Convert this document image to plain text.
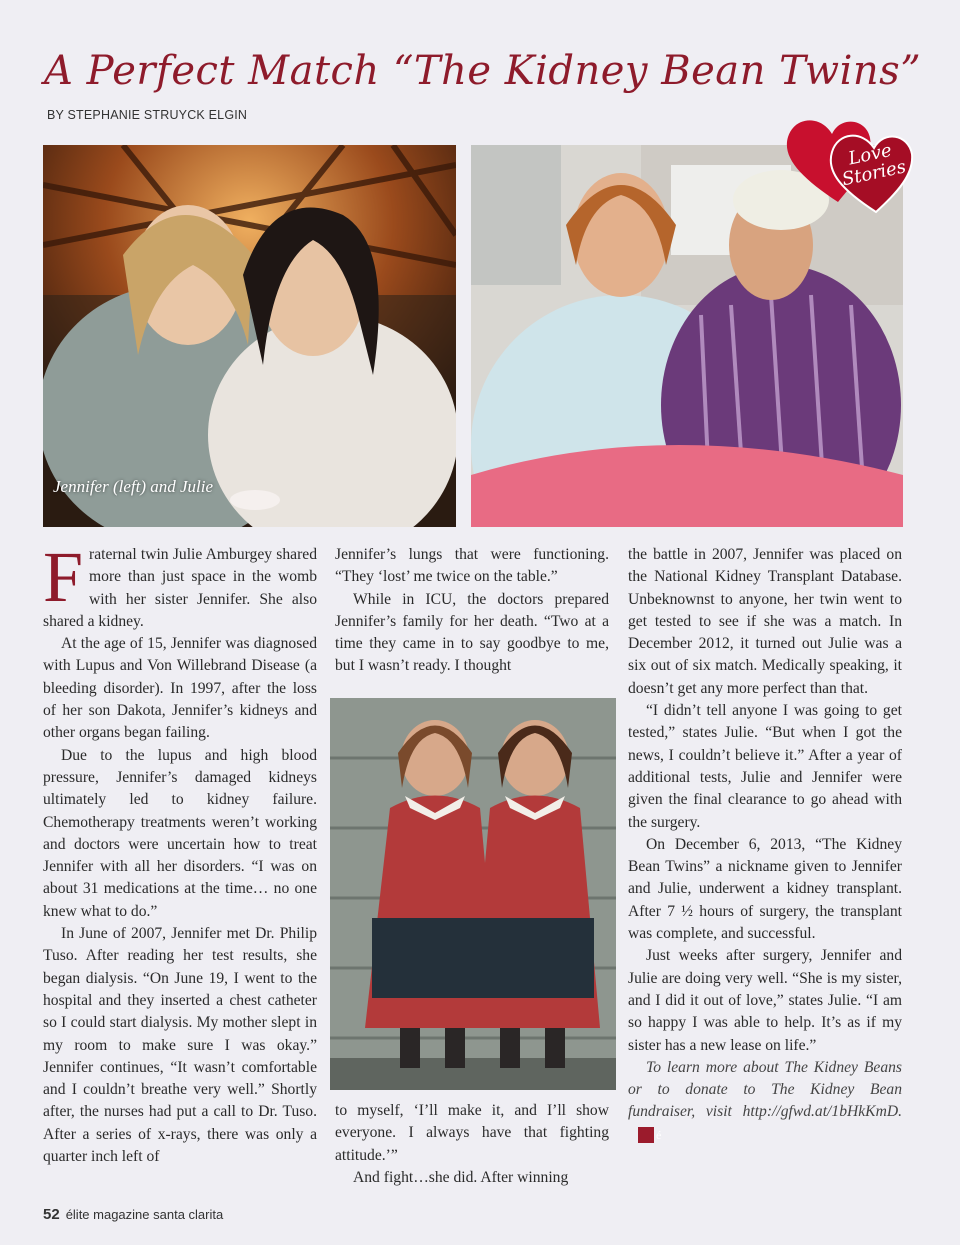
A Perfect Match “The Kidney Bean Twins”
BY STEPHANIE STRUYCK ELGIN
Jennifer (left) and Julie
Love Stories

Fraternal twin Julie Amburgey shared more than just space in the womb with her sister Jennifer. She also shared a kidney.

At the age of 15, Jennifer was diagnosed with Lupus and Von Willebrand Disease (a bleeding disorder). In 1997, after the loss of her son Dakota, Jennifer’s kidneys and other organs began failing.

Due to the lupus and high blood pressure, Jennifer’s damaged kidneys ultimately led to kidney failure. Chemotherapy treatments weren’t working and doctors were uncertain how to treat Jennifer with all her disorders. “I was on about 31 medications at the time… no one knew what to do.”

In June of 2007, Jennifer met Dr. Philip Tuso. After reading her test results, she began dialysis. “On June 19, I went to the hospital and they inserted a chest catheter so I could start dialysis. My mother slept in my room to make sure I was okay.” Jennifer continues, “It wasn’t comfortable and I couldn’t breathe very well.” Shortly after, the nurses had put a call to Dr. Tuso. After a series of x-rays, there was only a quarter inch left of

Jennifer’s lungs that were functioning. “They ‘lost’ me twice on the table.”

While in ICU, the doctors prepared Jennifer’s family for her death. “Two at a time they came in to say goodbye to me, but I wasn’t ready. I thought

to myself, ‘I’ll make it, and I’ll show everyone. I always have that fighting attitude.’”

And fight…she did. After winning

the battle in 2007, Jennifer was placed on the National Kidney Transplant Database. Unbeknownst to anyone, her twin went to get tested to see if she was a match. In December 2012, it turned out Julie was a six out of six match. Medically speaking, it doesn’t get any more perfect than that.

“I didn’t tell anyone I was going to get tested,” states Julie. “But when I got the news, I couldn’t believe it.” After a year of additional tests, Julie and Jennifer were given the final clearance to go ahead with the surgery.

On December 6, 2013, “The Kidney Bean Twins” a nickname given to Jennifer and Julie, underwent a kidney transplant. After 7 ½ hours of surgery, the transplant was complete, and successful.

Just weeks after surgery, Jennifer and Julie are doing very well. “She is my sister, and I did it out of love,” states Julie. “I am so happy I was able to help. It’s as if my sister has a new lease on life.”

To learn more about The Kidney Beans or to donate to The Kidney Bean fundraiser, visit http://gfwd.at/1bHkKmD.é

52 élite magazine santa clarita
